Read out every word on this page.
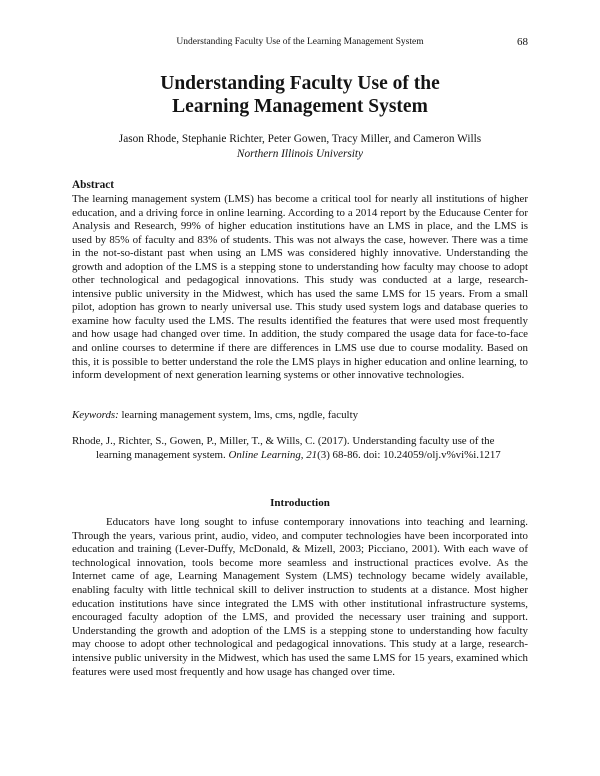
Understanding Faculty Use of the Learning Management System	68
Understanding Faculty Use of the
Learning Management System
Jason Rhode, Stephanie Richter, Peter Gowen, Tracy Miller, and Cameron Wills
Northern Illinois University
Abstract
The learning management system (LMS) has become a critical tool for nearly all institutions of higher education, and a driving force in online learning. According to a 2014 report by the Educause Center for Analysis and Research, 99% of higher education institutions have an LMS in place, and the LMS is used by 85% of faculty and 83% of students. This was not always the case, however. There was a time in the not-so-distant past when using an LMS was considered highly innovative. Understanding the growth and adoption of the LMS is a stepping stone to understanding how faculty may choose to adopt other technological and pedagogical innovations. This study was conducted at a large, research-intensive public university in the Midwest, which has used the same LMS for 15 years. From a small pilot, adoption has grown to nearly universal use. This study used system logs and database queries to examine how faculty used the LMS. The results identified the features that were used most frequently and how usage had changed over time. In addition, the study compared the usage data for face-to-face and online courses to determine if there are differences in LMS use due to course modality. Based on this, it is possible to better understand the role the LMS plays in higher education and online learning, to inform development of next generation learning systems or other innovative technologies.
Keywords: learning management system, lms, cms, ngdle, faculty
Rhode, J., Richter, S., Gowen, P., Miller, T., & Wills, C. (2017). Understanding faculty use of the learning management system. Online Learning, 21(3) 68-86. doi: 10.24059/olj.v%vi%i.1217
Introduction
Educators have long sought to infuse contemporary innovations into teaching and learning. Through the years, various print, audio, video, and computer technologies have been incorporated into education and training (Lever-Duffy, McDonald, & Mizell, 2003; Picciano, 2001). With each wave of technological innovation, tools become more seamless and instructional practices evolve. As the Internet came of age, Learning Management System (LMS) technology became widely available, enabling faculty with little technical skill to deliver instruction to students at a distance. Most higher education institutions have since integrated the LMS with other institutional infrastructure systems, encouraged faculty adoption of the LMS, and provided the necessary user training and support. Understanding the growth and adoption of the LMS is a stepping stone to understanding how faculty may choose to adopt other technological and pedagogical innovations. This study at a large, research-intensive public university in the Midwest, which has used the same LMS for 15 years, examined which features were used most frequently and how usage has changed over time.
